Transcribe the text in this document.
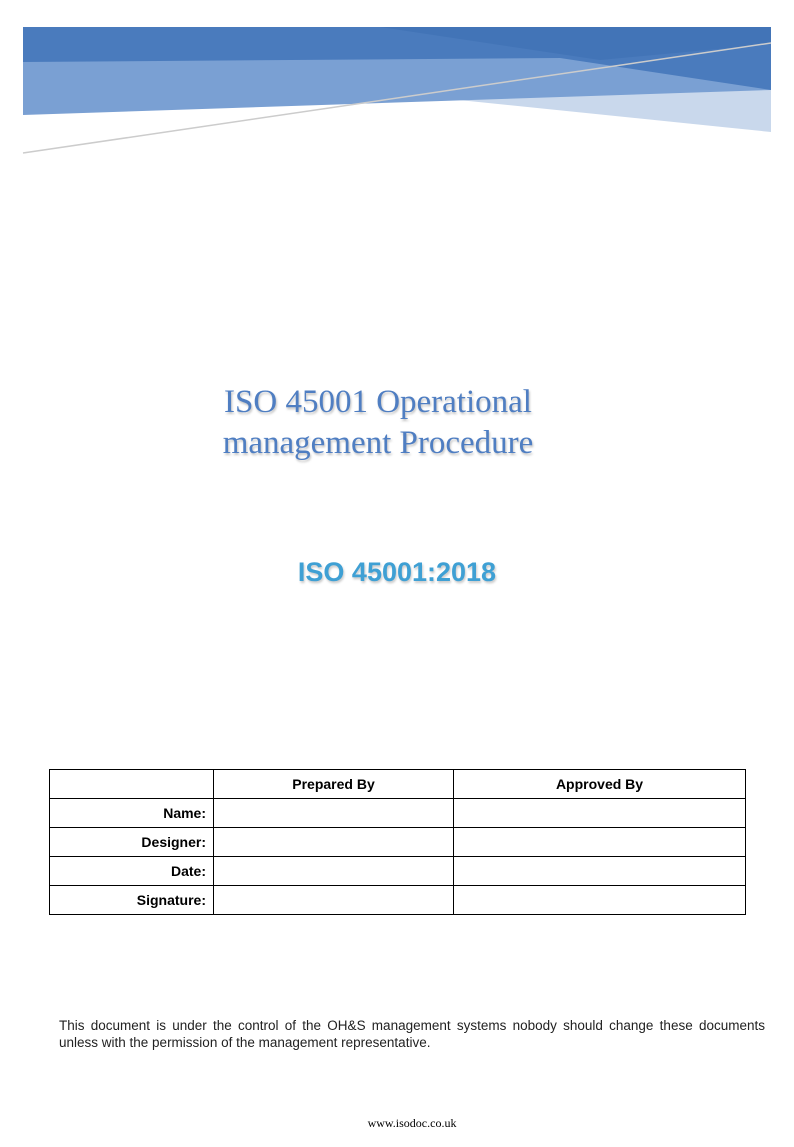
ISO 45001 Operational
management Procedure
ISO 45001:2018
	Prepared By	Approved By
Name:		
Designer:		
Date:		
Signature:		
This document is under the control of the OH&S management systems nobody should change these documents unless with the permission of the management representative.
www.isodoc.co.uk
